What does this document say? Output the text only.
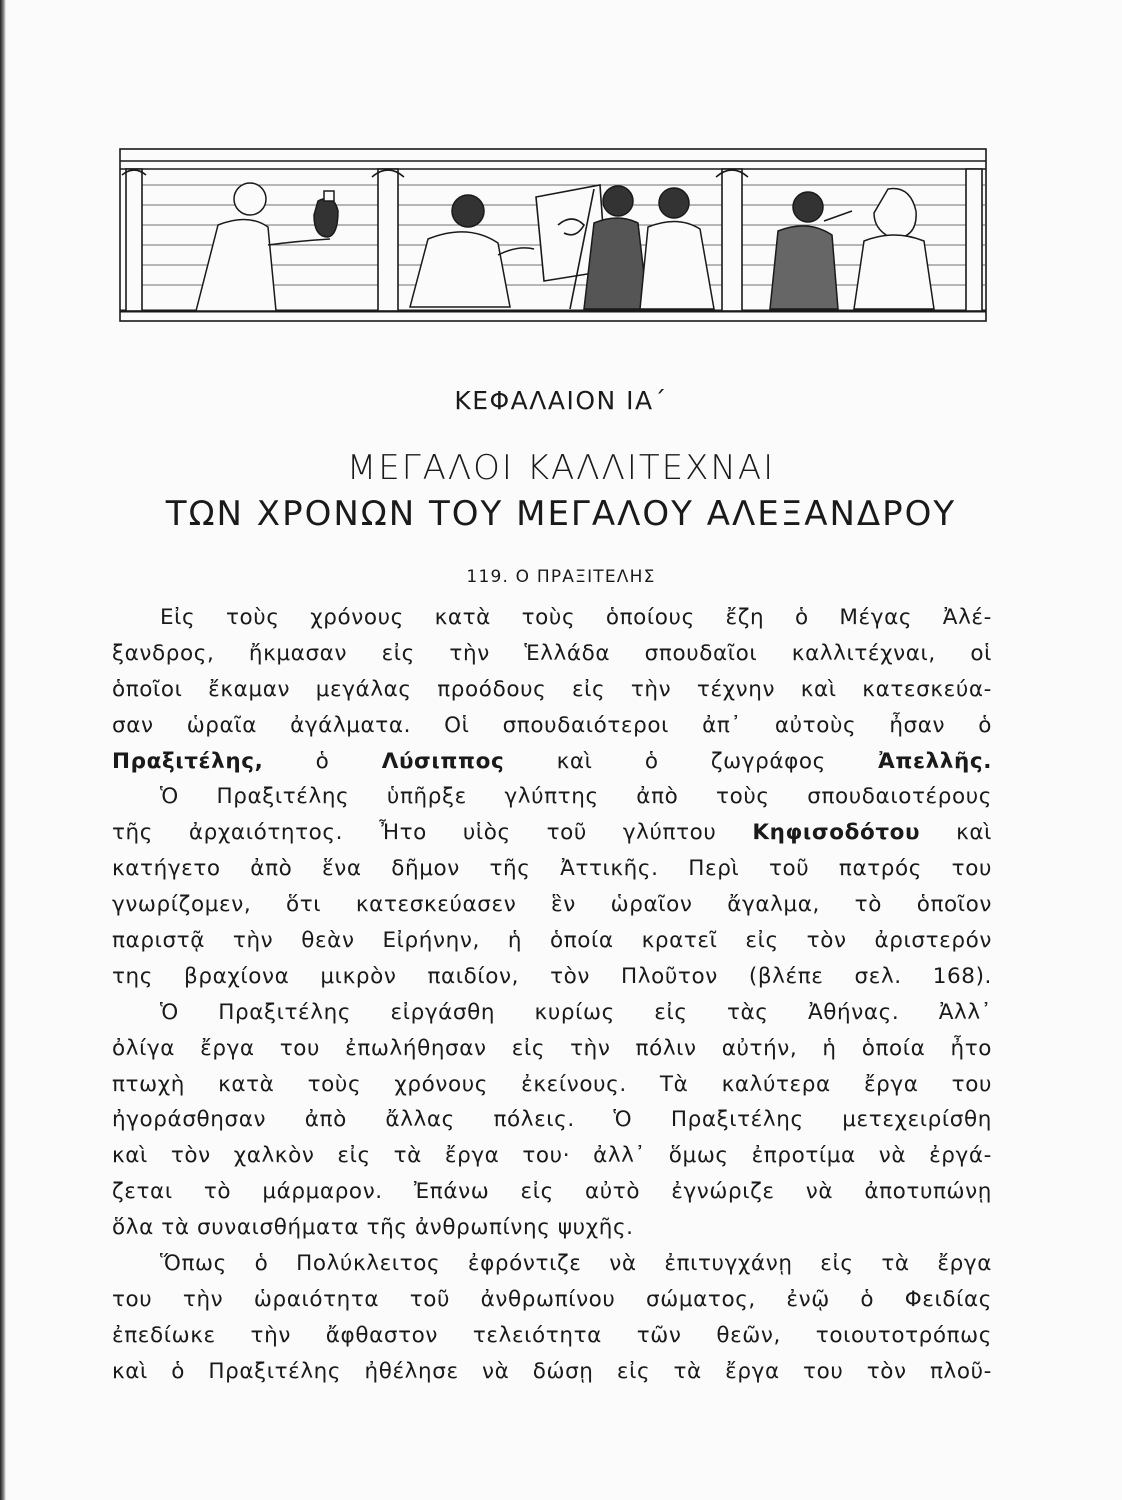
ΚΕΦΑΛΑΙΟΝ ΙΑ΄
ΜΕΓΑΛΟΙ ΚΑΛΛΙΤΕΧΝΑΙ
ΤΩΝ ΧΡΟΝΩΝ ΤΟΥ ΜΕΓΑΛΟΥ ΑΛΕΞΑΝΔΡΟΥ
119. Ο ΠΡΑΞΙΤΕΛΗΣ
Εἰς τοὺς χρόνους κατὰ τοὺς ὁποίους ἔζη ὁ Μέγας Ἀλέ-
ξανδρος, ἤκμασαν εἰς τὴν Ἑλλάδα σπουδαῖοι καλλιτέχναι, οἱ
ὁποῖοι ἔκαμαν μεγάλας προόδους εἰς τὴν τέχνην καὶ κατεσκεύα-
σαν ὡραῖα ἀγάλματα. Οἱ σπουδαιότεροι ἀπ᾽ αὐτοὺς ἦσαν ὁ
Πραξιτέλης, ὁ Λύσιππος καὶ ὁ ζωγράφος Ἀπελλῆς.
Ὁ Πραξιτέλης ὑπῆρξε γλύπτης ἀπὸ τοὺς σπουδαιοτέρους
τῆς ἀρχαιότητος. Ἦτο υἱὸς τοῦ γλύπτου Κηφισοδότου καὶ
κατήγετο ἀπὸ ἕνα δῆμον τῆς Ἀττικῆς. Περὶ τοῦ πατρός του
γνωρίζομεν, ὅτι κατεσκεύασεν ἓν ὡραῖον ἄγαλμα, τὸ ὁποῖον
παριστᾷ τὴν θεὰν Εἰρήνην, ἡ ὁποία κρατεῖ εἰς τὸν ἀριστερόν
της βραχίονα μικρὸν παιδίον, τὸν Πλοῦτον (βλέπε σελ. 168).
Ὁ Πραξιτέλης εἰργάσθη κυρίως εἰς τὰς Ἀθήνας. Ἀλλ᾽
ὀλίγα ἔργα του ἐπωλήθησαν εἰς τὴν πόλιν αὐτήν, ἡ ὁποία ἦτο
πτωχὴ κατὰ τοὺς χρόνους ἐκείνους. Τὰ καλύτερα ἔργα του
ἠγοράσθησαν ἀπὸ ἄλλας πόλεις. Ὁ Πραξιτέλης μετεχειρίσθη
καὶ τὸν χαλκὸν εἰς τὰ ἔργα του· ἀλλ᾽ ὅμως ἐπροτίμα νὰ ἐργά-
ζεται τὸ μάρμαρον. Ἐπάνω εἰς αὐτὸ ἐγνώριζε νὰ ἀποτυπώνῃ
ὅλα τὰ συναισθήματα τῆς ἀνθρωπίνης ψυχῆς.
Ὅπως ὁ Πολύκλειτος ἐφρόντιζε νὰ ἐπιτυγχάνῃ εἰς τὰ ἔργα
του τὴν ὡραιότητα τοῦ ἀνθρωπίνου σώματος, ἐνῷ ὁ Φειδίας
ἐπεδίωκε τὴν ἄφθαστον τελειότητα τῶν θεῶν, τοιουτοτρόπως
καὶ ὁ Πραξιτέλης ἠθέλησε νὰ δώσῃ εἰς τὰ ἔργα του τὸν πλοῦ-
